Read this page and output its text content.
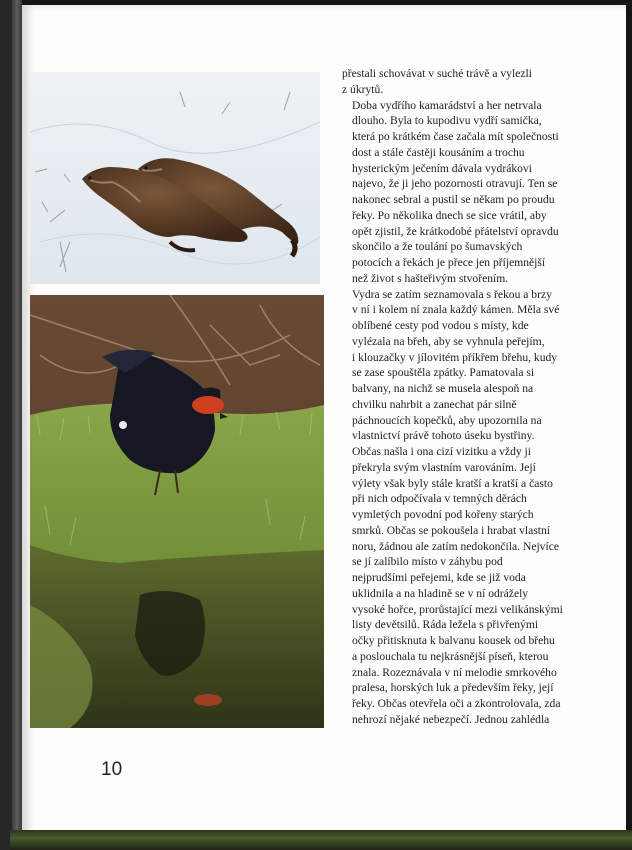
přestali schovávat v suché trávě a vylezli
z úkrytů.

Doba vydřího kamarádství a her netrvala
dlouho. Byla to kupodivu vydří samička,
která po krátkém čase začala mít společnosti
dost a stále častěji kousáním a trochu
hysterickým ječením dávala vydrákovi
najevo, že ji jeho pozornosti otravují. Ten se
nakonec sebral a pustil se někam po proudu
řeky. Po několika dnech se sice vrátil, aby
opět zjistil, že krátkodobé přátelství opravdu
skončilo a že toulání po šumavských
potocích a řekách je přece jen příjemnější
než život s hašteřivým stvořením.

Vydra se zatím seznamovala s řekou a brzy
v ní i kolem ní znala každý kámen. Měla své
oblíbené cesty pod vodou s místy, kde
vylézala na břeh, aby se vyhnula peřejím,
i klouzačky v jílovitém příkřem břehu, kudy
se zase spouštěla zpátky. Pamatovala si
balvany, na nichž se musela alespoň na
chvilku nahrbit a zanechat pár silně
páchnoucích kopečků, aby upozornila na
vlastnictví právě tohoto úseku bystřiny.
Občas našla i ona cizí vizitku a vždy ji
překryla svým vlastním varováním. Její
výlety však byly stále kratší a kratší a často
při nich odpočívala v temných děrách
vymletých povodní pod kořeny starých
smrků. Občas se pokoušela i hrabat vlastní
noru, žádnou ale zatím nedokončila. Nejvíce
se jí zalíbilo místo v záhybu pod
nejprudšími peřejemi, kde se již voda
uklidnila a na hladině se v ní odrážely
vysoké hořce, prorůstající mezi velikánskými
listy devětsilů. Ráda ležela s přivřenými
očky přitisknuta k balvanu kousek od břehu
a poslouchala tu nejkrásnější píseň, kterou
znala. Rozeznávala v ní melodie smrkového
pralesa, horských luk a především řeky, její
řeky. Občas otevřela oči a zkontrolovala, zda
nehrozí nějaké nebezpečí. Jednou zahlédla

10
